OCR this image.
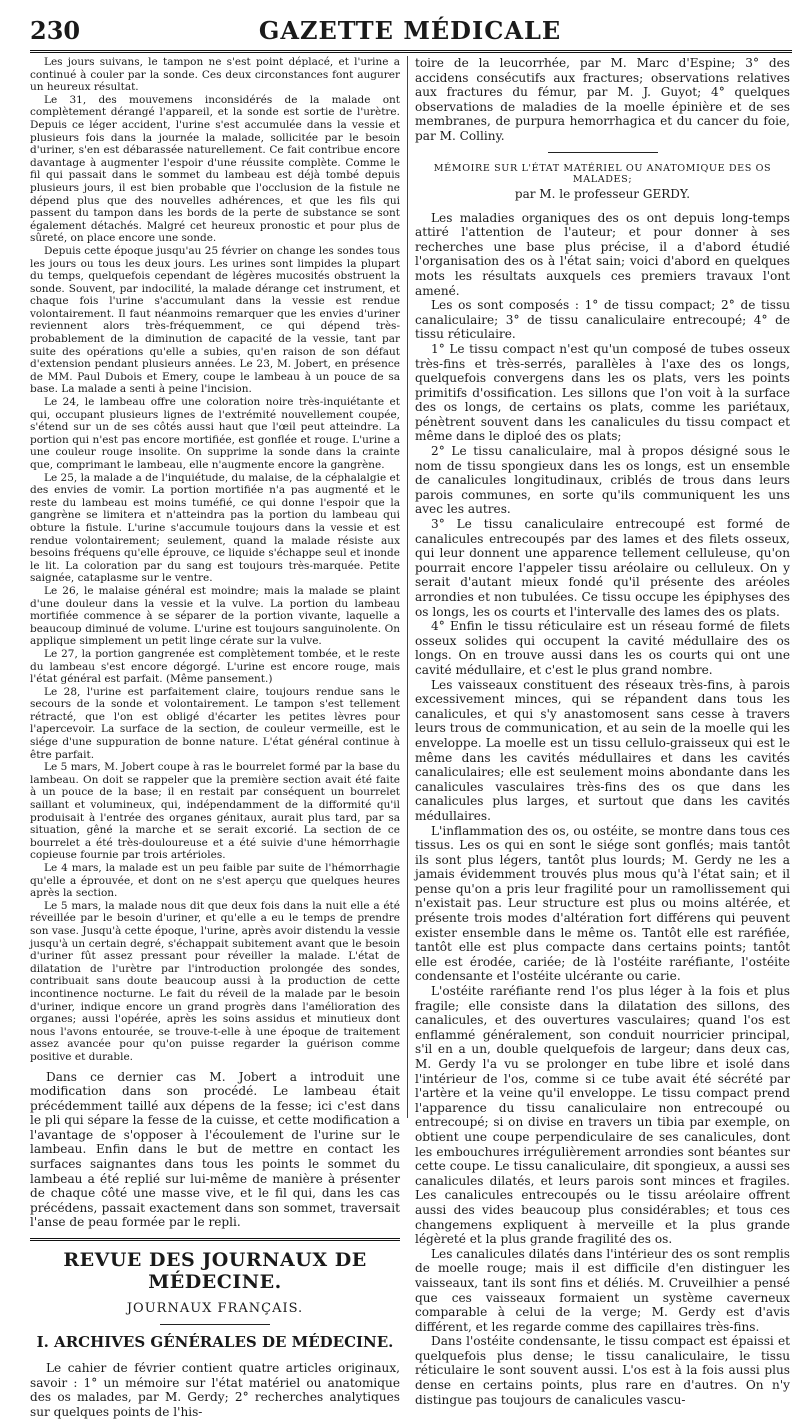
230	GAZETTE MÉDICALE

Les jours suivans, le tampon ne s'est point déplacé, et l'urine a continué à couler par la sonde. Ces deux circonstances font augurer un heureux résultat.

Le 31, des mouvemens inconsidérés de la malade ont complètement dérangé l'appareil, et la sonde est sortie de l'urètre. Depuis ce léger accident, l'urine s'est accumulée dans la vessie et plusieurs fois dans la journée la malade, sollicitée par le besoin d'uriner, s'en est débarassée naturellement. Ce fait contribue encore davantage à augmenter l'espoir d'une réussite complète. Comme le fil qui passait dans le sommet du lambeau est déjà tombé depuis plusieurs jours, il est bien probable que l'occlusion de la fistule ne dépend plus que des nouvelles adhérences, et que les fils qui passent du tampon dans les bords de la perte de substance se sont également détachés. Malgré cet heureux pronostic et pour plus de sûreté, on place encore une sonde.

Depuis cette époque jusqu'au 25 février on change les sondes tous les jours ou tous les deux jours. Les urines sont limpides la plupart du temps, quelquefois cependant de légères mucosités obstruent la sonde. Souvent, par indocilité, la malade dérange cet instrument, et chaque fois l'urine s'accumulant dans la vessie est rendue volontairement. Il faut néanmoins remarquer que les envies d'uriner reviennent alors très-fréquemment, ce qui dépend très-probablement de la diminution de capacité de la vessie, tant par suite des opérations qu'elle a subies, qu'en raison de son défaut d'extension pendant plusieurs années. Le 23, M. Jobert, en présence de MM. Paul Dubois et Emery, coupe le lambeau à un pouce de sa base. La malade a senti à peine l'incision.

Le 24, le lambeau offre une coloration noire très-inquiétante et qui, occupant plusieurs lignes de l'extrémité nouvellement coupée, s'étend sur un de ses côtés aussi haut que l'œil peut atteindre. La portion qui n'est pas encore mortifiée, est gonflée et rouge. L'urine a une couleur rouge insolite. On supprime la sonde dans la crainte que, comprimant le lambeau, elle n'augmente encore la gangrène.

Le 25, la malade a de l'inquiétude, du malaise, de la céphalalgie et des envies de vomir. La portion mortifiée n'a pas augmenté et le reste du lambeau est moins tuméfié, ce qui donne l'espoir que la gangrène se limitera et n'atteindra pas la portion du lambeau qui obture la fistule. L'urine s'accumule toujours dans la vessie et est rendue volontairement; seulement, quand la malade résiste aux besoins fréquens qu'elle éprouve, ce liquide s'échappe seul et inonde le lit. La coloration par du sang est toujours très-marquée. Petite saignée, cataplasme sur le ventre.

Le 26, le malaise général est moindre; mais la malade se plaint d'une douleur dans la vessie et la vulve. La portion du lambeau mortifiée commence à se séparer de la portion vivante, laquelle a beaucoup diminué de volume. L'urine est toujours sanguinolente. On applique simplement un petit linge cérate sur la vulve.

Le 27, la portion gangrenée est complètement tombée, et le reste du lambeau s'est encore dégorgé. L'urine est encore rouge, mais l'état général est parfait. (Même pansement.)

Le 28, l'urine est parfaitement claire, toujours rendue sans le secours de la sonde et volontairement. Le tampon s'est tellement rétracté, que l'on est obligé d'écarter les petites lèvres pour l'apercevoir. La surface de la section, de couleur vermeille, est le siége d'une suppuration de bonne nature. L'état général continue à être parfait.

Le 5 mars, M. Jobert coupe à ras le bourrelet formé par la base du lambeau. On doit se rappeler que la première section avait été faite à un pouce de la base; il en restait par conséquent un bourrelet saillant et volumineux, qui, indépendamment de la difformité qu'il produisait à l'entrée des organes génitaux, aurait plus tard, par sa situation, gêné la marche et se serait excorié. La section de ce bourrelet a été très-douloureuse et a été suivie d'une hémorrhagie copieuse fournie par trois artérioles.

Le 4 mars, la malade est un peu faible par suite de l'hémorrhagie qu'elle a éprouvée, et dont on ne s'est aperçu que quelques heures après la section.

Le 5 mars, la malade nous dit que deux fois dans la nuit elle a été réveillée par le besoin d'uriner, et qu'elle a eu le temps de prendre son vase. Jusqu'à cette époque, l'urine, après avoir distendu la vessie jusqu'à un certain degré, s'échappait subitement avant que le besoin d'uriner fût assez pressant pour réveiller la malade. L'état de dilatation de l'urètre par l'introduction prolongée des sondes, contribuait sans doute beaucoup aussi à la production de cette incontinence nocturne. Le fait du réveil de la malade par le besoin d'uriner, indique encore un grand progrès dans l'amélioration des organes; aussi l'opérée, après les soins assidus et minutieux dont nous l'avons entourée, se trouve-t-elle à une époque de traitement assez avancée pour qu'on puisse regarder la guérison comme positive et durable.

Dans ce dernier cas M. Jobert a introduit une modification dans son procédé. Le lambeau était précédemment taillé aux dépens de la fesse; ici c'est dans le pli qui sépare la fesse de la cuisse, et cette modification a l'avantage de s'opposer à l'écoulement de l'urine sur le lambeau. Enfin dans le but de mettre en contact les surfaces saignantes dans tous les points le sommet du lambeau a été replié sur lui-même de manière à présenter de chaque côté une masse vive, et le fil qui, dans les cas précédens, passait exactement dans son sommet, traversait l'anse de peau formée par le repli.

REVUE DES JOURNAUX DE MÉDECINE.
JOURNAUX FRANÇAIS.
I. ARCHIVES GÉNÉRALES DE MÉDECINE.

Le cahier de février contient quatre articles originaux, savoir : 1° un mémoire sur l'état matériel ou anatomique des os malades, par M. Gerdy; 2° recherches analytiques sur quelques points de l'his-

toire de la leucorrhée, par M. Marc d'Espine; 3° des accidens consécutifs aux fractures; observations relatives aux fractures du fémur, par M. J. Guyot; 4° quelques observations de maladies de la moelle épinière et de ses membranes, de purpura hemorrhagica et du cancer du foie, par M. Colliny.

MÉMOIRE SUR L'ÉTAT MATÉRIEL OU ANATOMIQUE DES OS MALADES;
par M. le professeur GERDY.

Les maladies organiques des os ont depuis long-temps attiré l'attention de l'auteur; et pour donner à ses recherches une base plus précise, il a d'abord étudié l'organisation des os à l'état sain; voici d'abord en quelques mots les résultats auxquels ces premiers travaux l'ont amené.

Les os sont composés : 1° de tissu compact; 2° de tissu canaliculaire; 3° de tissu canaliculaire entrecoupé; 4° de tissu réticulaire.

1° Le tissu compact n'est qu'un composé de tubes osseux très-fins et très-serrés, parallèles à l'axe des os longs, quelquefois convergens dans les os plats, vers les points primitifs d'ossification. Les sillons que l'on voit à la surface des os longs, de certains os plats, comme les pariétaux, pénètrent souvent dans les canalicules du tissu compact et même dans le diploé des os plats;

2° Le tissu canaliculaire, mal à propos désigné sous le nom de tissu spongieux dans les os longs, est un ensemble de canalicules longitudinaux, criblés de trous dans leurs parois communes, en sorte qu'ils communiquent les uns avec les autres.

3° Le tissu canaliculaire entrecoupé est formé de canalicules entrecoupés par des lames et des filets osseux, qui leur donnent une apparence tellement celluleuse, qu'on pourrait encore l'appeler tissu aréolaire ou celluleux. On y serait d'autant mieux fondé qu'il présente des aréoles arrondies et non tubulées. Ce tissu occupe les épiphyses des os longs, les os courts et l'intervalle des lames des os plats.

4° Enfin le tissu réticulaire est un réseau formé de filets osseux solides qui occupent la cavité médullaire des os longs. On en trouve aussi dans les os courts qui ont une cavité médullaire, et c'est le plus grand nombre.

Les vaisseaux constituent des réseaux très-fins, à parois excessivement minces, qui se répandent dans tous les canalicules, et qui s'y anastomosent sans cesse à travers leurs trous de communication, et au sein de la moelle qui les enveloppe. La moelle est un tissu cellulo-graisseux qui est le même dans les cavités médullaires et dans les cavités canaliculaires; elle est seulement moins abondante dans les canalicules vasculaires très-fins des os que dans les canalicules plus larges, et surtout que dans les cavités médullaires.

L'inflammation des os, ou ostéite, se montre dans tous ces tissus. Les os qui en sont le siége sont gonflés; mais tantôt ils sont plus légers, tantôt plus lourds; M. Gerdy ne les a jamais évidemment trouvés plus mous qu'à l'état sain; et il pense qu'on a pris leur fragilité pour un ramollissement qui n'existait pas. Leur structure est plus ou moins altérée, et présente trois modes d'altération fort différens qui peuvent exister ensemble dans le même os. Tantôt elle est raréfiée, tantôt elle est plus compacte dans certains points; tantôt elle est érodée, cariée; de là l'ostéite raréfiante, l'ostéite condensante et l'ostéite ulcérante ou carie.

L'ostéite raréfiante rend l'os plus léger à la fois et plus fragile; elle consiste dans la dilatation des sillons, des canalicules, et des ouvertures vasculaires; quand l'os est enflammé généralement, son conduit nourricier principal, s'il en a un, double quelquefois de largeur; dans deux cas, M. Gerdy l'a vu se prolonger en tube libre et isolé dans l'intérieur de l'os, comme si ce tube avait été sécrété par l'artère et la veine qu'il enveloppe. Le tissu compact prend l'apparence du tissu canaliculaire non entrecoupé ou entrecoupé; si on divise en travers un tibia par exemple, on obtient une coupe perpendiculaire de ses canalicules, dont les embouchures irrégulièrement arrondies sont béantes sur cette coupe. Le tissu canaliculaire, dit spongieux, a aussi ses canalicules dilatés, et leurs parois sont minces et fragiles. Les canalicules entrecoupés ou le tissu aréolaire offrent aussi des vides beaucoup plus considérables; et tous ces changemens expliquent à merveille et la plus grande légèreté et la plus grande fragilité des os.

Les canalicules dilatés dans l'intérieur des os sont remplis de moelle rouge; mais il est difficile d'en distinguer les vaisseaux, tant ils sont fins et déliés. M. Cruveilhier a pensé que ces vaisseaux formaient un système caverneux comparable à celui de la verge; M. Gerdy est d'avis différent, et les regarde comme des capillaires très-fins.

Dans l'ostéite condensante, le tissu compact est épaissi et quelquefois plus dense; le tissu canaliculaire, le tissu réticulaire le sont souvent aussi. L'os est à la fois aussi plus dense en certains points, plus rare en d'autres. On n'y distingue pas toujours de canalicules vascu-
